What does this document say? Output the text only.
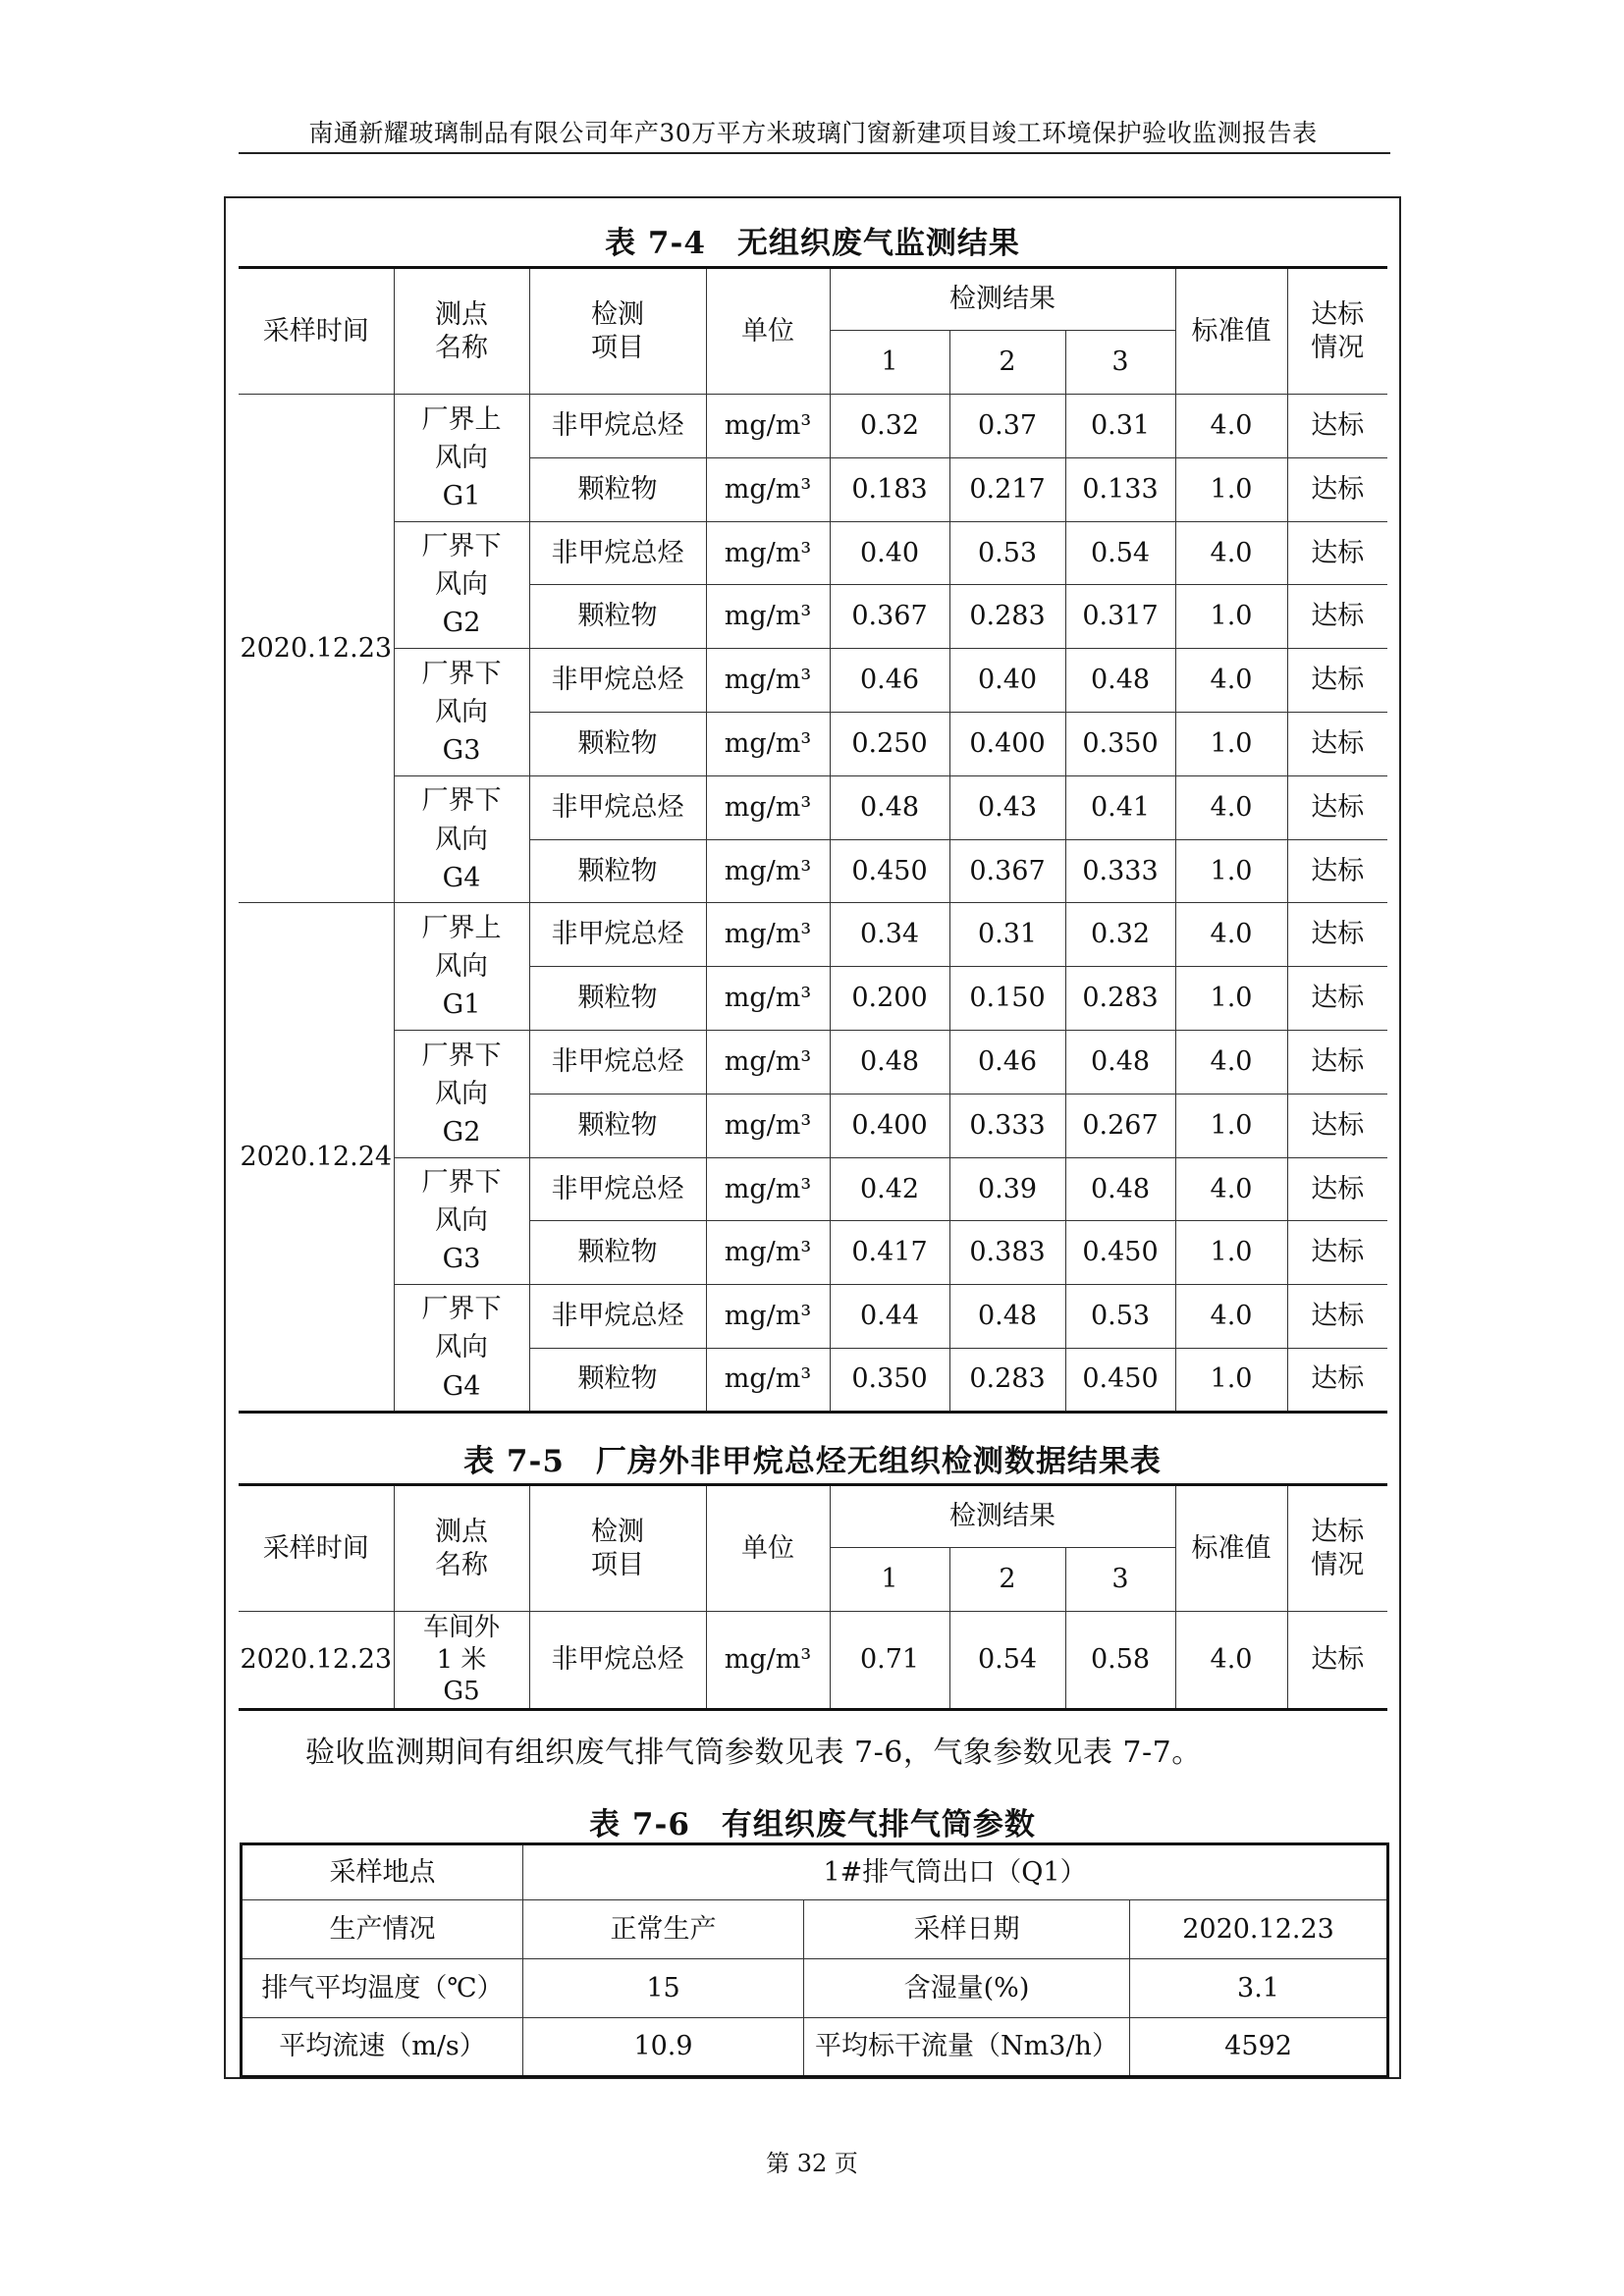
南通新耀玻璃制品有限公司年产30万平方米玻璃门窗新建项目竣工环境保护验收监测报告表
表 7-4　无组织废气监测结果
采样时间	测点名称	检测项目	单位	检测结果			标准值	达标情况

				1	2	3		
2020.12.23	厂界上风向 G1	非甲烷总烃	mg/m³	0.32	0.37	0.31	4.0	达标
		颗粒物	mg/m³	0.183	0.217	0.133	1.0	达标

	厂界下风向 G2	非甲烷总烃	mg/m³	0.40	0.53	0.54	4.0	达标
		颗粒物	mg/m³	0.367	0.283	0.317	1.0	达标

	厂界下风向 G3	非甲烷总烃	mg/m³	0.46	0.40	0.48	4.0	达标
		颗粒物	mg/m³	0.250	0.400	0.350	1.0	达标

	厂界下风向 G4	非甲烷总烃	mg/m³	0.48	0.43	0.41	4.0	达标
		颗粒物	mg/m³	0.450	0.367	0.333	1.0	达标
2020.12.24	厂界上风向 G1	非甲烷总烃	mg/m³	0.34	0.31	0.32	4.0	达标
		颗粒物	mg/m³	0.200	0.150	0.283	1.0	达标

	厂界下风向 G2	非甲烷总烃	mg/m³	0.48	0.46	0.48	4.0	达标
		颗粒物	mg/m³	0.400	0.333	0.267	1.0	达标

	厂界下风向 G3	非甲烷总烃	mg/m³	0.42	0.39	0.48	4.0	达标
		颗粒物	mg/m³	0.417	0.383	0.450	1.0	达标

	厂界下风向 G4	非甲烷总烃	mg/m³	0.44	0.48	0.53	4.0	达标
		颗粒物	mg/m³	0.350	0.283	0.450	1.0	达标
表 7-5　厂房外非甲烷总烃无组织检测数据结果表
采样时间	测点名称	检测项目	单位	检测结果			标准值	达标情况

				1	2	3		
2020.12.23	车间外 1 米 G5	非甲烷总烃	mg/m³	0.71	0.54	0.58	4.0	达标
验收监测期间有组织废气排气筒参数见表 7-6，气象参数见表 7-7。
表 7-6　有组织废气排气筒参数
采样地点	1#排气筒出口（Q1）		
生产情况	正常生产	采样日期	2020.12.23
排气平均温度（℃）	15	含湿量(%)	3.1
平均流速（m/s）	10.9	平均标干流量（Nm3/h）	4592
第 32 页
